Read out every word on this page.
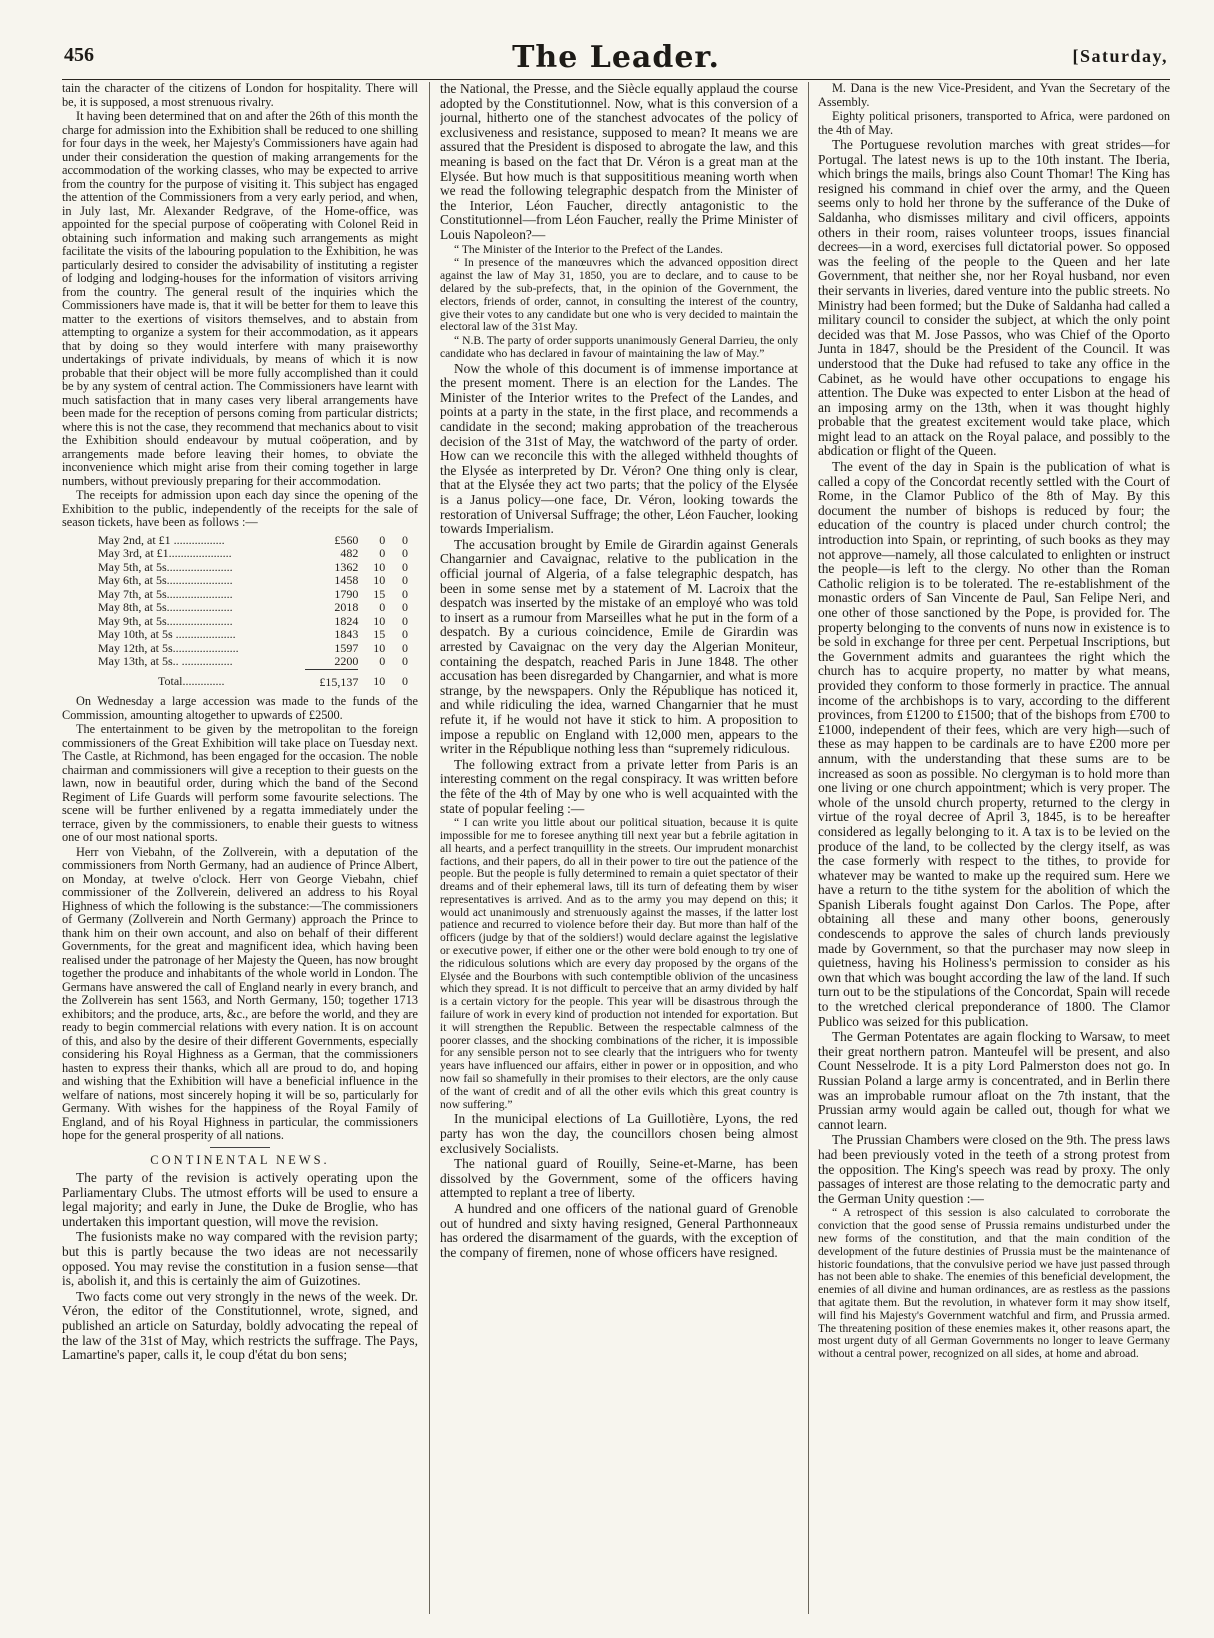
456	The Leader.	[Saturday,

tain the character of the citizens of London for hospitality. There will be, it is supposed, a most strenuous rivalry.

It having been determined that on and after the 26th of this month the charge for admission into the Exhibition shall be reduced to one shilling for four days in the week, her Majesty's Commissioners have again had under their consideration the question of making arrangements for the accommodation of the working classes, who may be expected to arrive from the country for the purpose of visiting it. This subject has engaged the attention of the Commissioners from a very early period, and when, in July last, Mr. Alexander Redgrave, of the Home-office, was appointed for the special purpose of coöperating with Colonel Reid in obtaining such information and making such arrangements as might facilitate the visits of the labouring population to the Exhibition, he was particularly desired to consider the advisability of instituting a register of lodging and lodging-houses for the information of visitors arriving from the country. The general result of the inquiries which the Commissioners have made is, that it will be better for them to leave this matter to the exertions of visitors themselves, and to abstain from attempting to organize a system for their accommodation, as it appears that by doing so they would interfere with many praiseworthy undertakings of private individuals, by means of which it is now probable that their object will be more fully accomplished than it could be by any system of central action. The Commissioners have learnt with much satisfaction that in many cases very liberal arrangements have been made for the reception of persons coming from particular districts; where this is not the case, they recommend that mechanics about to visit the Exhibition should endeavour by mutual coöperation, and by arrangements made before leaving their homes, to obviate the inconvenience which might arise from their coming together in large numbers, without previously preparing for their accommodation.

The receipts for admission upon each day since the opening of the Exhibition to the public, independently of the receipts for the sale of season tickets, have been as follows :—

May 2nd, at £1 .................	£560	0	0
May 3rd, at £1.....................	482	0	0
May 5th, at 5s......................	1362	10	0
May 6th, at 5s......................	1458	10	0
May 7th, at 5s......................	1790	15	0
May 8th, at 5s......................	2018	0	0
May 9th, at 5s......................	1824	10	0
May 10th, at 5s ....................	1843	15	0
May 12th, at 5s......................	1597	10	0
May 13th, at 5s.. .................	2200	0	0
Total..............	£15,137	10	0

On Wednesday a large accession was made to the funds of the Commission, amounting altogether to upwards of £2500.

The entertainment to be given by the metropolitan to the foreign commissioners of the Great Exhibition will take place on Tuesday next. The Castle, at Richmond, has been engaged for the occasion. The noble chairman and commissioners will give a reception to their guests on the lawn, now in beautiful order, during which the band of the Second Regiment of Life Guards will perform some favourite selections. The scene will be further enlivened by a regatta immediately under the terrace, given by the commissioners, to enable their guests to witness one of our most national sports.

Herr von Viebahn, of the Zollverein, with a deputation of the commissioners from North Germany, had an audience of Prince Albert, on Monday, at twelve o'clock. Herr von George Viebahn, chief commissioner of the Zollverein, delivered an address to his Royal Highness of which the following is the substance:—The commissioners of Germany (Zollverein and North Germany) approach the Prince to thank him on their own account, and also on behalf of their different Governments, for the great and magnificent idea, which having been realised under the patronage of her Majesty the Queen, has now brought together the produce and inhabitants of the whole world in London. The Germans have answered the call of England nearly in every branch, and the Zollverein has sent 1563, and North Germany, 150; together 1713 exhibitors; and the produce, arts, &c., are before the world, and they are ready to begin commercial relations with every nation. It is on account of this, and also by the desire of their different Governments, especially considering his Royal Highness as a German, that the commissioners hasten to express their thanks, which all are proud to do, and hoping and wishing that the Exhibition will have a beneficial influence in the welfare of nations, most sincerely hoping it will be so, particularly for Germany. With wishes for the happiness of the Royal Family of England, and of his Royal Highness in particular, the commissioners hope for the general prosperity of all nations.

CONTINENTAL NEWS.

The party of the revision is actively operating upon the Parliamentary Clubs. The utmost efforts will be used to ensure a legal majority; and early in June, the Duke de Broglie, who has undertaken this important question, will move the revision.

The fusionists make no way compared with the revision party; but this is partly because the two ideas are not necessarily opposed. You may revise the constitution in a fusion sense—that is, abolish it, and this is certainly the aim of Guizotines.

Two facts come out very strongly in the news of the week. Dr. Véron, the editor of the Constitutionnel, wrote, signed, and published an article on Saturday, boldly advocating the repeal of the law of the 31st of May, which restricts the suffrage. The Pays, Lamartine's paper, calls it, le coup d'état du bon sens;

the National, the Presse, and the Siècle equally applaud the course adopted by the Constitutionnel. Now, what is this conversion of a journal, hitherto one of the stanchest advocates of the policy of exclusiveness and resistance, supposed to mean? It means we are assured that the President is disposed to abrogate the law, and this meaning is based on the fact that Dr. Véron is a great man at the Elysée. But how much is that supposititious meaning worth when we read the following telegraphic despatch from the Minister of the Interior, Léon Faucher, directly antagonistic to the Constitutionnel—from Léon Faucher, really the Prime Minister of Louis Napoleon?—

“ The Minister of the Interior to the Prefect of the Landes.

“ In presence of the manœuvres which the advanced opposition direct against the law of May 31, 1850, you are to declare, and to cause to be delared by the sub-prefects, that, in the opinion of the Government, the electors, friends of order, cannot, in consulting the interest of the country, give their votes to any candidate but one who is very decided to maintain the electoral law of the 31st May.

“ N.B. The party of order supports unanimously General Darrieu, the only candidate who has declared in favour of maintaining the law of May.”

Now the whole of this document is of immense importance at the present moment. There is an election for the Landes. The Minister of the Interior writes to the Prefect of the Landes, and points at a party in the state, in the first place, and recommends a candidate in the second; making approbation of the treacherous decision of the 31st of May, the watchword of the party of order. How can we reconcile this with the alleged withheld thoughts of the Elysée as interpreted by Dr. Véron? One thing only is clear, that at the Elysée they act two parts; that the policy of the Elysée is a Janus policy—one face, Dr. Véron, looking towards the restoration of Universal Suffrage; the other, Léon Faucher, looking towards Imperialism.

The accusation brought by Emile de Girardin against Generals Changarnier and Cavaignac, relative to the publication in the official journal of Algeria, of a false telegraphic despatch, has been in some sense met by a statement of M. Lacroix that the despatch was inserted by the mistake of an employé who was told to insert as a rumour from Marseilles what he put in the form of a despatch. By a curious coincidence, Emile de Girardin was arrested by Cavaignac on the very day the Algerian Moniteur, containing the despatch, reached Paris in June 1848. The other accusation has been disregarded by Changarnier, and what is more strange, by the newspapers. Only the République has noticed it, and while ridiculing the idea, warned Changarnier that he must refute it, if he would not have it stick to him. A proposition to impose a republic on England with 12,000 men, appears to the writer in the République nothing less than “supremely ridiculous.

The following extract from a private letter from Paris is an interesting comment on the regal conspiracy. It was written before the fête of the 4th of May by one who is well acquainted with the state of popular feeling :—

“ I can write you little about our political situation, because it is quite impossible for me to foresee anything till next year but a febrile agitation in all hearts, and a perfect tranquillity in the streets. Our imprudent monarchist factions, and their papers, do all in their power to tire out the patience of the people. But the people is fully determined to remain a quiet spectator of their dreams and of their ephemeral laws, till its turn of defeating them by wiser representatives is arrived. And as to the army you may depend on this; it would act unanimously and strenuously against the masses, if the latter lost patience and recurred to violence before their day. But more than half of the officers (judge by that of the soldiers!) would declare against the legislative or executive power, if either one or the other were bold enough to try one of the ridiculous solutions which are every day proposed by the organs of the Elysée and the Bourbons with such contemptible oblivion of the uncasiness which they spread. It is not difficult to perceive that an army divided by half is a certain victory for the people. This year will be disastrous through the failure of work in every kind of production not intended for exportation. But it will strengthen the Republic. Between the respectable calmness of the poorer classes, and the shocking combinations of the richer, it is impossible for any sensible person not to see clearly that the intriguers who for twenty years have influenced our affairs, either in power or in opposition, and who now fail so shamefully in their promises to their electors, are the only cause of the want of credit and of all the other evils which this great country is now suffering.”

In the municipal elections of La Guillotière, Lyons, the red party has won the day, the councillors chosen being almost exclusively Socialists.

The national guard of Rouilly, Seine-et-Marne, has been dissolved by the Government, some of the officers having attempted to replant a tree of liberty.

A hundred and one officers of the national guard of Grenoble out of hundred and sixty having resigned, General Parthonneaux has ordered the disarmament of the guards, with the exception of the company of firemen, none of whose officers have resigned.

M. Dana is the new Vice-President, and Yvan the Secretary of the Assembly.

Eighty political prisoners, transported to Africa, were pardoned on the 4th of May.

The Portuguese revolution marches with great strides—for Portugal. The latest news is up to the 10th instant. The Iberia, which brings the mails, brings also Count Thomar! The King has resigned his command in chief over the army, and the Queen seems only to hold her throne by the sufferance of the Duke of Saldanha, who dismisses military and civil officers, appoints others in their room, raises volunteer troops, issues financial decrees—in a word, exercises full dictatorial power. So opposed was the feeling of the people to the Queen and her late Government, that neither she, nor her Royal husband, nor even their servants in liveries, dared venture into the public streets. No Ministry had been formed; but the Duke of Saldanha had called a military council to consider the subject, at which the only point decided was that M. Jose Passos, who was Chief of the Oporto Junta in 1847, should be the President of the Council. It was understood that the Duke had refused to take any office in the Cabinet, as he would have other occupations to engage his attention. The Duke was expected to enter Lisbon at the head of an imposing army on the 13th, when it was thought highly probable that the greatest excitement would take place, which might lead to an attack on the Royal palace, and possibly to the abdication or flight of the Queen.

The event of the day in Spain is the publication of what is called a copy of the Concordat recently settled with the Court of Rome, in the Clamor Publico of the 8th of May. By this document the number of bishops is reduced by four; the education of the country is placed under church control; the introduction into Spain, or reprinting, of such books as they may not approve—namely, all those calculated to enlighten or instruct the people—is left to the clergy. No other than the Roman Catholic religion is to be tolerated. The re-establishment of the monastic orders of San Vincente de Paul, San Felipe Neri, and one other of those sanctioned by the Pope, is provided for. The property belonging to the convents of nuns now in existence is to be sold in exchange for three per cent. Perpetual Inscriptions, but the Government admits and guarantees the right which the church has to acquire property, no matter by what means, provided they conform to those formerly in practice. The annual income of the archbishops is to vary, according to the different provinces, from £1200 to £1500; that of the bishops from £700 to £1000, independent of their fees, which are very high—such of these as may happen to be cardinals are to have £200 more per annum, with the understanding that these sums are to be increased as soon as possible. No clergyman is to hold more than one living or one church appointment; which is very proper. The whole of the unsold church property, returned to the clergy in virtue of the royal decree of April 3, 1845, is to be hereafter considered as legally belonging to it. A tax is to be levied on the produce of the land, to be collected by the clergy itself, as was the case formerly with respect to the tithes, to provide for whatever may be wanted to make up the required sum. Here we have a return to the tithe system for the abolition of which the Spanish Liberals fought against Don Carlos. The Pope, after obtaining all these and many other boons, generously condescends to approve the sales of church lands previously made by Government, so that the purchaser may now sleep in quietness, having his Holiness's permission to consider as his own that which was bought according the law of the land. If such turn out to be the stipulations of the Concordat, Spain will recede to the wretched clerical preponderance of 1800. The Clamor Publico was seized for this publication.

The German Potentates are again flocking to Warsaw, to meet their great northern patron. Manteufel will be present, and also Count Nesselrode. It is a pity Lord Palmerston does not go. In Russian Poland a large army is concentrated, and in Berlin there was an improbable rumour afloat on the 7th instant, that the Prussian army would again be called out, though for what we cannot learn.

The Prussian Chambers were closed on the 9th. The press laws had been previously voted in the teeth of a strong protest from the opposition. The King's speech was read by proxy. The only passages of interest are those relating to the democratic party and the German Unity question :—

“ A retrospect of this session is also calculated to corroborate the conviction that the good sense of Prussia remains undisturbed under the new forms of the constitution, and that the main condition of the development of the future destinies of Prussia must be the maintenance of historic foundations, that the convulsive period we have just passed through has not been able to shake. The enemies of this beneficial development, the enemies of all divine and human ordinances, are as restless as the passions that agitate them. But the revolution, in whatever form it may show itself, will find his Majesty's Government watchful and firm, and Prussia armed. The threatening position of these enemies makes it, other reasons apart, the most urgent duty of all German Governments no longer to leave Germany without a central power, recognized on all sides, at home and abroad.
